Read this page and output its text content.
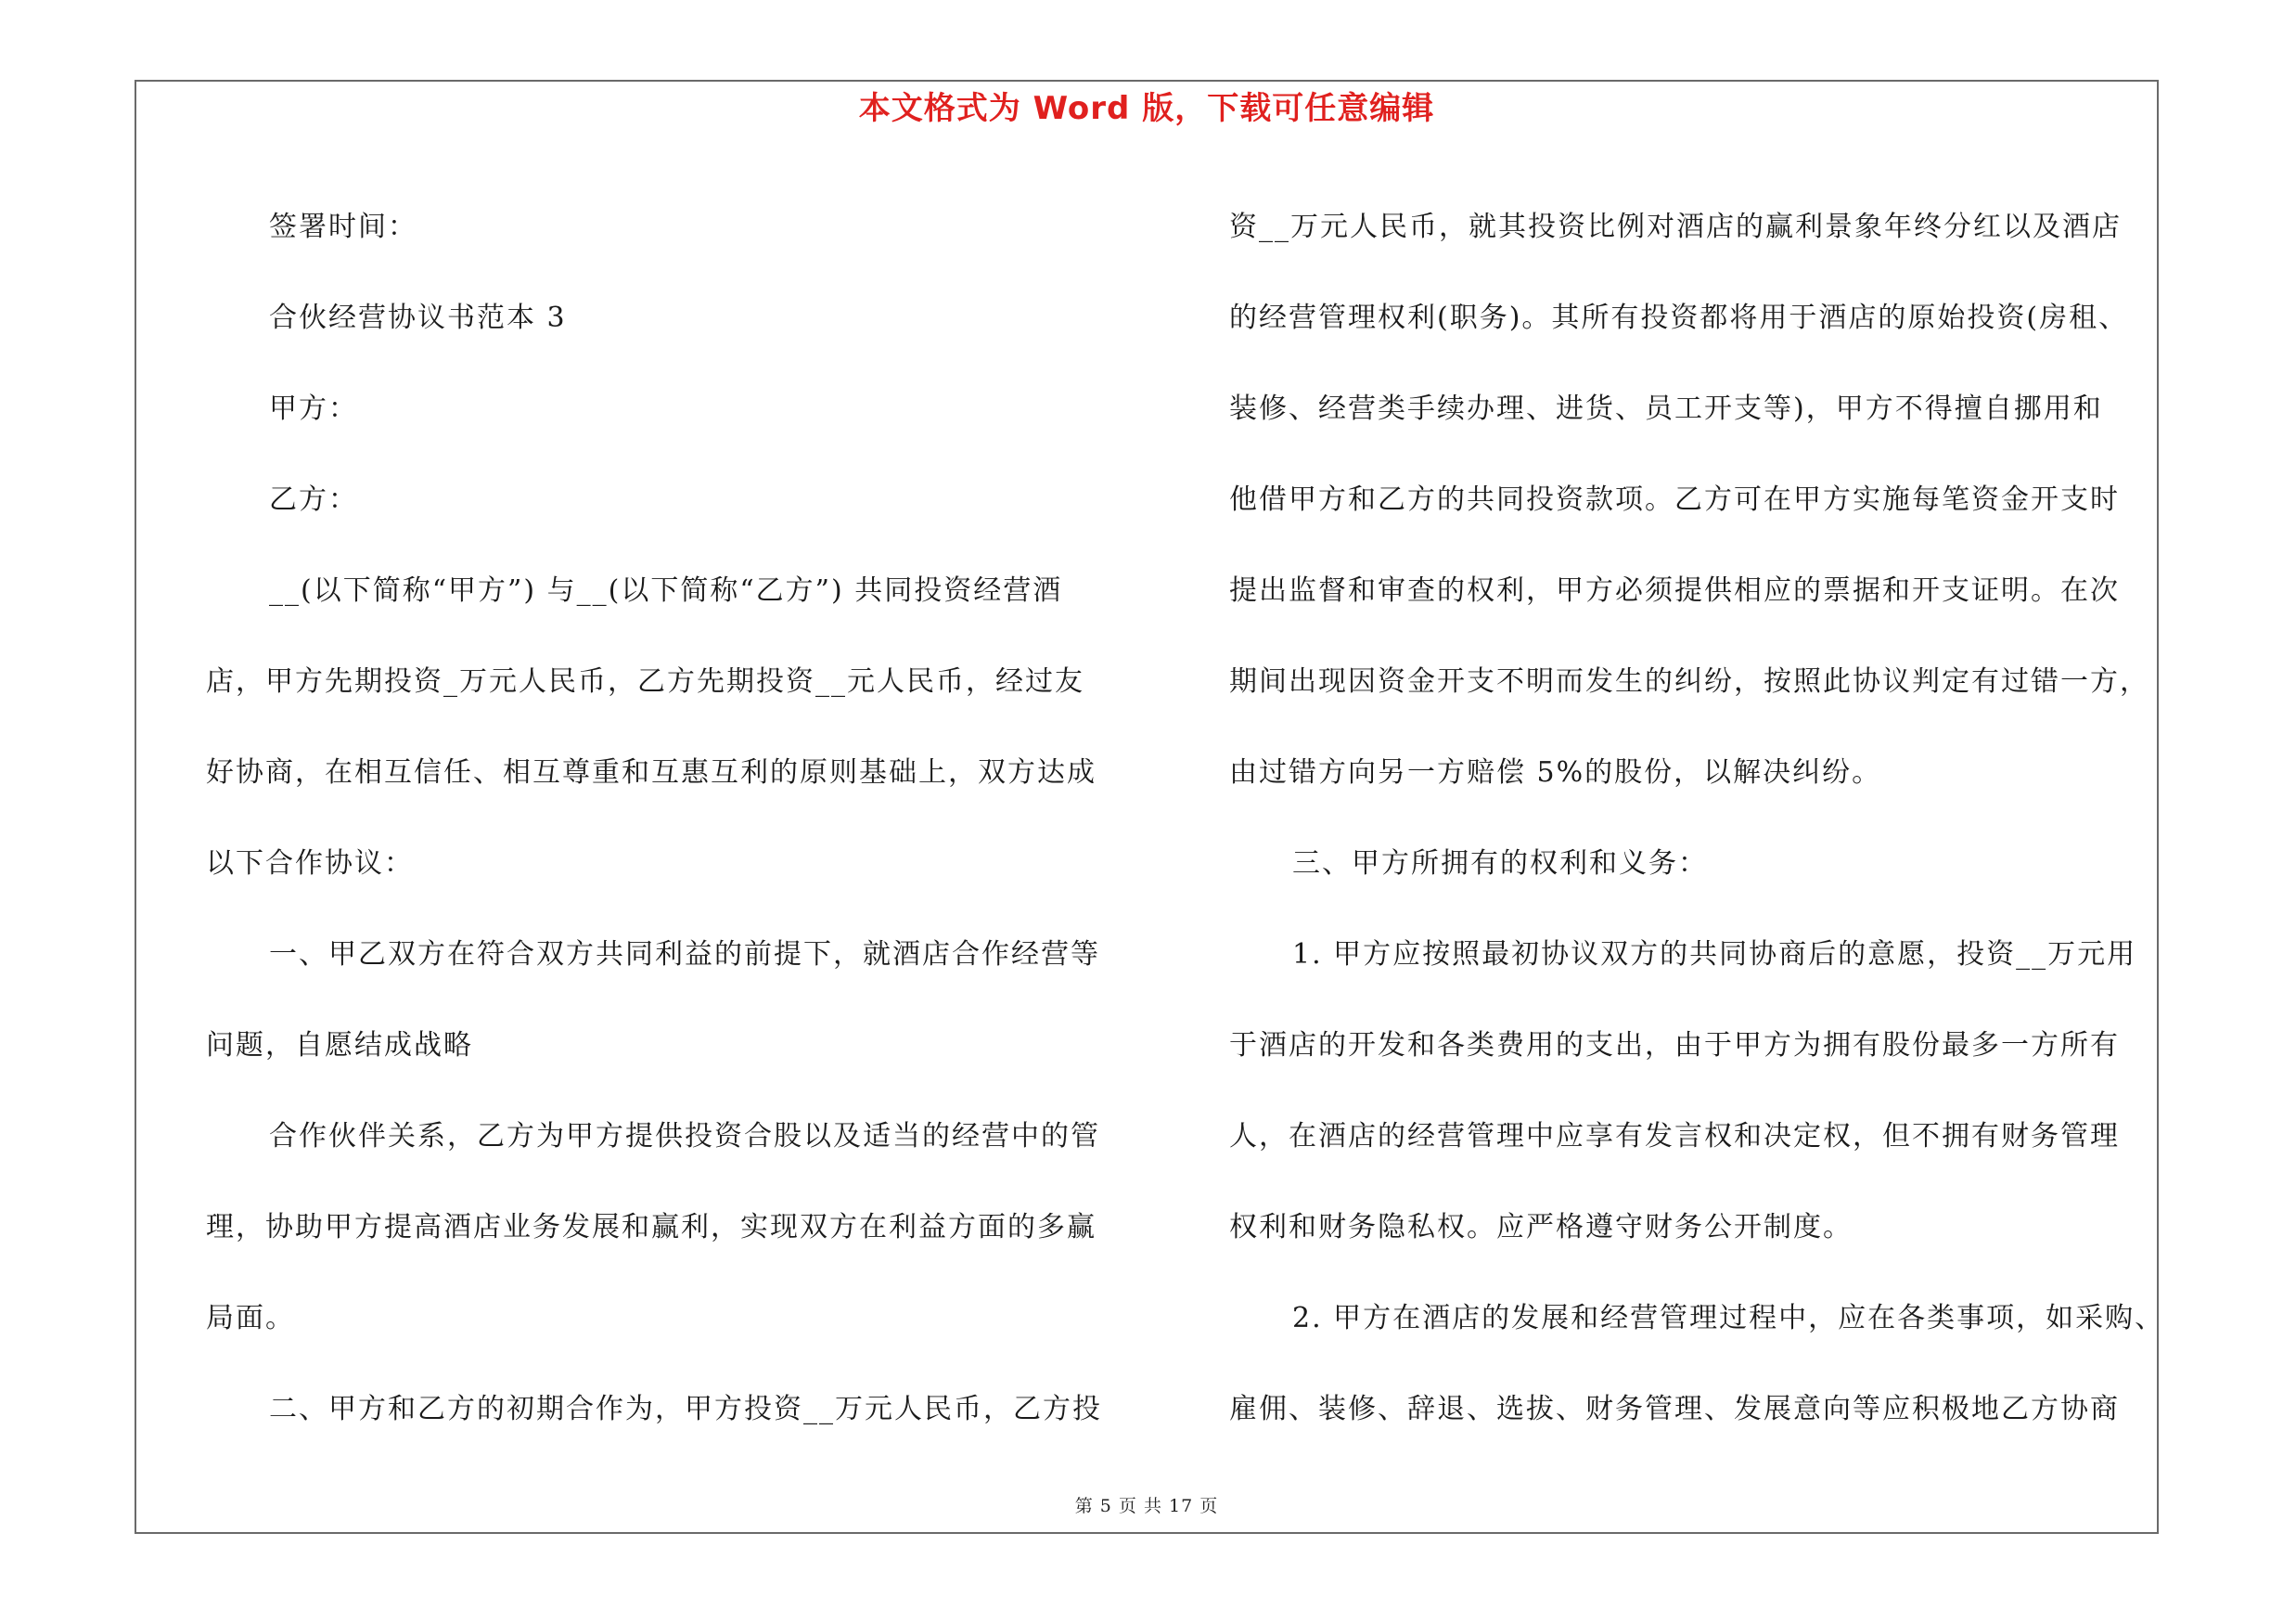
本文格式为 Word 版，下载可任意编辑

签署时间：

合伙经营协议书范本 3

甲方：

乙方：

__(以下简称“甲方”) 与__(以下简称“乙方”) 共同投资经营酒

店，甲方先期投资_万元人民币，乙方先期投资__元人民币，经过友

好协商，在相互信任、相互尊重和互惠互利的原则基础上，双方达成

以下合作协议：

一、甲乙双方在符合双方共同利益的前提下，就酒店合作经营等

问题，自愿结成战略

合作伙伴关系，乙方为甲方提供投资合股以及适当的经营中的管

理，协助甲方提高酒店业务发展和赢利，实现双方在利益方面的多赢

局面。

二、甲方和乙方的初期合作为，甲方投资__万元人民币，乙方投

资__万元人民币，就其投资比例对酒店的赢利景象年终分红以及酒店

的经营管理权利(职务)。其所有投资都将用于酒店的原始投资(房租、

装修、经营类手续办理、进货、员工开支等)，甲方不得擅自挪用和

他借甲方和乙方的共同投资款项。乙方可在甲方实施每笔资金开支时

提出监督和审查的权利，甲方必须提供相应的票据和开支证明。在次

期间出现因资金开支不明而发生的纠纷，按照此协议判定有过错一方，

由过错方向另一方赔偿 5%的股份，以解决纠纷。

三、甲方所拥有的权利和义务：

1. 甲方应按照最初协议双方的共同协商后的意愿，投资__万元用

于酒店的开发和各类费用的支出，由于甲方为拥有股份最多一方所有

人，在酒店的经营管理中应享有发言权和决定权，但不拥有财务管理

权利和财务隐私权。应严格遵守财务公开制度。

2. 甲方在酒店的发展和经营管理过程中，应在各类事项，如采购、

雇佣、装修、辞退、选拔、财务管理、发展意向等应积极地乙方协商

第 5 页 共 17 页
